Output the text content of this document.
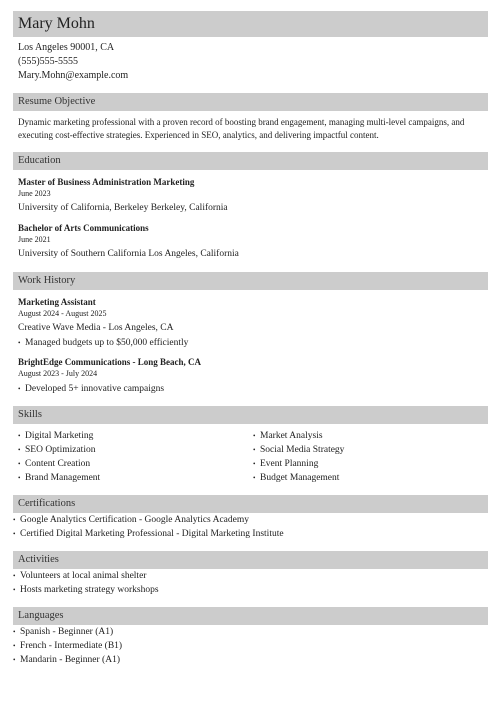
Mary Mohn
Los Angeles 90001, CA
(555)555-5555
Mary.Mohn@example.com
Resume Objective
Dynamic marketing professional with a proven record of boosting brand engagement, managing multi-level campaigns, and executing cost-effective strategies. Experienced in SEO, analytics, and delivering impactful content.
Education
Master of Business Administration Marketing
June 2023
University of California, Berkeley Berkeley, California
Bachelor of Arts Communications
June 2021
University of Southern California Los Angeles, California
Work History
Marketing Assistant
August 2024 - August 2025
Creative Wave Media - Los Angeles, CA
• Managed budgets up to $50,000 efficiently
BrightEdge Communications - Long Beach, CA
August 2023 - July 2024
• Developed 5+ innovative campaigns
Skills
• Digital Marketing
• SEO Optimization
• Content Creation
• Brand Management
• Market Analysis
• Social Media Strategy
• Event Planning
• Budget Management
Certifications
• Google Analytics Certification - Google Analytics Academy
• Certified Digital Marketing Professional - Digital Marketing Institute
Activities
• Volunteers at local animal shelter
• Hosts marketing strategy workshops
Languages
• Spanish - Beginner (A1)
• French - Intermediate (B1)
• Mandarin - Beginner (A1)
